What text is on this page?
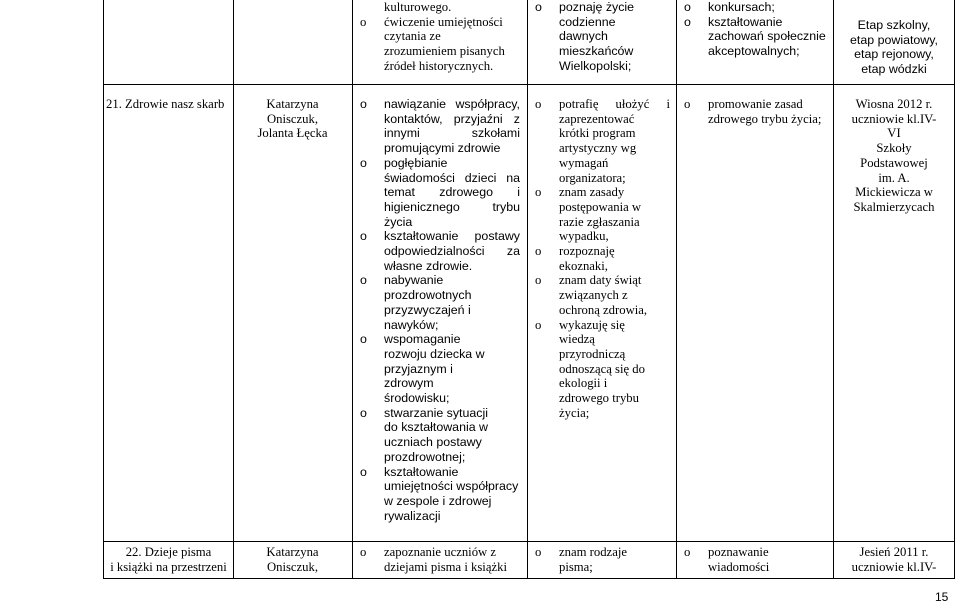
kulturowego.
o ćwiczenie umiejętności
czytania ze
zrozumieniem pisanych
źródeł historycznych.
o poznaję życie
codzienne
dawnych
mieszkańców
Wielkopolski;
o konkursach;
o kształtowanie
zachowań społecznie
akceptowalnych;
Etap szkolny,
etap powiatowy,
etap rejonowy,
etap wódzki
21. Zdrowie nasz skarb	Katarzyna
Onisczuk,
Jolanta Łęcka
o nawiązanie współpracy,
kontaktów, przyjaźni z
innymi szkołami
promującymi zdrowie
o pogłębianie
świadomości dzieci na
temat zdrowego i
higienicznego trybu
życia
o kształtowanie postawy
odpowiedzialności za
własne zdrowie.
o nabywanie
prozdrowotnych
przyzwyczajeń i
nawyków;
o wspomaganie
rozwoju dziecka w
przyjaznym i
zdrowym
środowisku;
o stwarzanie sytuacji
do kształtowania w
uczniach postawy
prozdrowotnej;
o kształtowanie
umiejętności współpracy
w zespole i zdrowej
rywalizacji
o potrafię ułożyć i
zaprezentować
krótki program
artystyczny wg
wymagań
organizatora;
o znam zasady
postępowania w
razie zgłaszania
wypadku,
o rozpoznaję
ekoznaki,
o znam daty świąt
związanych z
ochroną zdrowia,
o wykazuję się
wiedzą
przyrodniczą
odnoszącą się do
ekologii i
zdrowego trybu
życia;
o promowanie zasad
zdrowego trybu życia;
Wiosna 2012 r.
uczniowie kl.IV-
VI
Szkoły
Podstawowej
im. A.
Mickiewicza w
Skalmierzycach
22. Dzieje pisma
i książki na przestrzeni
Katarzyna
Onisczuk,
o zapoznanie uczniów z
dziejami pisma i książki
o znam rodzaje
pisma;
o poznawanie
wiadomości
Jesień 2011 r.
uczniowie kl.IV-
15
